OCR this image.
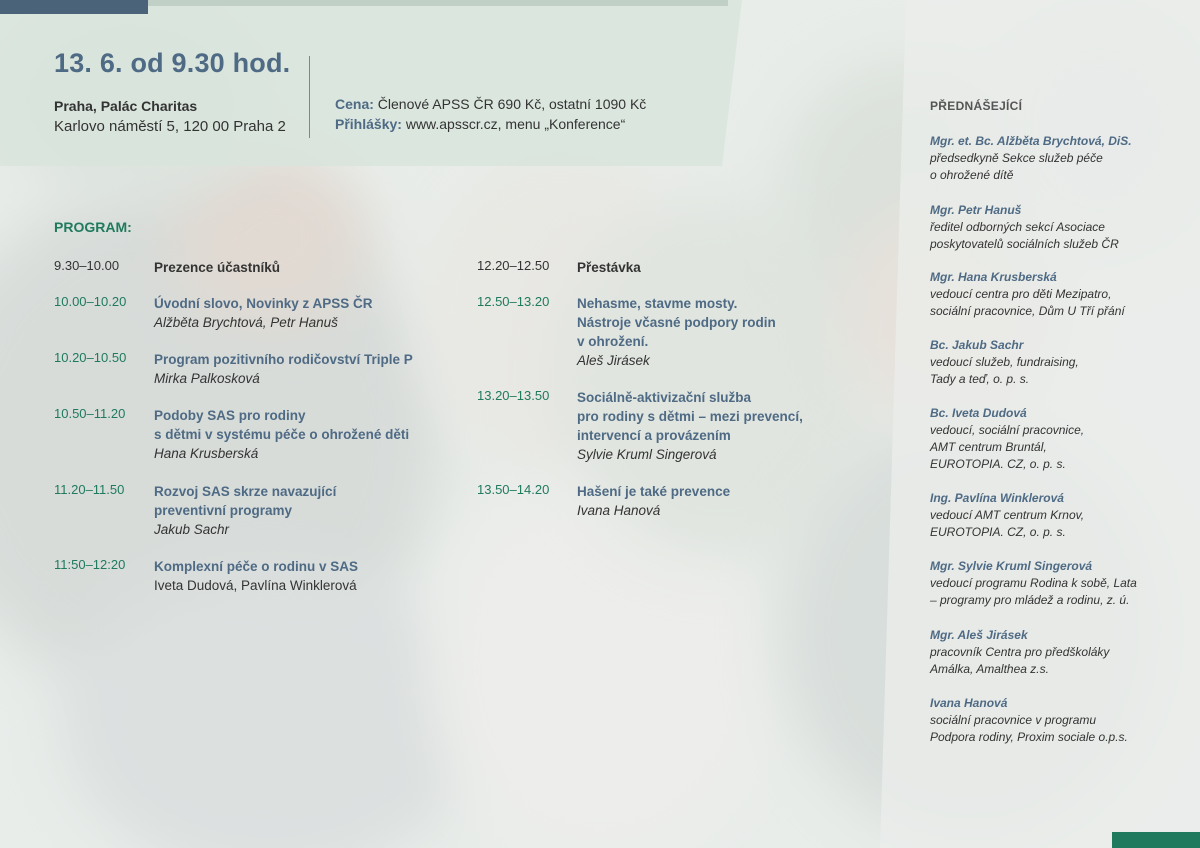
13. 6. od 9.30 hod.
Praha, Palác Charitas
Karlovo náměstí 5, 120 00 Praha 2
Cena: Členové APSS ČR 690 Kč, ostatní 1090 Kč
Přihlášky: www.apsscr.cz, menu „Konference“
PROGRAM:
9.30–10.00	Prezence účastníků
10.00–10.20 Úvodní slovo, Novinky z APSS ČR
Alžběta Brychtová, Petr Hanuš
10.20–10.50 Program pozitivního rodičovství Triple P
Mirka Palkosková
10.50–11.20 Podoby SAS pro rodiny
s dětmi v systému péče o ohrožené děti
Hana Krusberská
11.20–11.50 Rozvoj SAS skrze navazující
preventivní programy
Jakub Sachr
11:50–12:20 Komplexní péče o rodinu v SAS
Iveta Dudová, Pavlína Winklerová
12.20–12.50 Přestávka
12.50–13.20 Nehasme, stavme mosty.
Nástroje včasné podpory rodin
v ohrožení.
Aleš Jirásek
13.20–13.50 Sociálně-aktivizační služba
pro rodiny s dětmi – mezi prevencí,
intervencí a provázením
Sylvie Kruml Singerová
13.50–14.20 Hašení je také prevence
Ivana Hanová
PŘEDNÁŠEJÍCÍ
Mgr. et. Bc. Alžběta Brychtová, DiS.
předsedkyně Sekce služeb péče
o ohrožené dítě
Mgr. Petr Hanuš
ředitel odborných sekcí Asociace
poskytovatelů sociálních služeb ČR
Mgr. Hana Krusberská
vedoucí centra pro děti Mezipatro,
sociální pracovnice, Dům U Tří přání
Bc. Jakub Sachr
vedoucí služeb, fundraising,
Tady a teď, o. p. s.
Bc. Iveta Dudová
vedoucí, sociální pracovnice,
AMT centrum Bruntál,
EUROTOPIA. CZ, o. p. s.
Ing. Pavlína Winklerová
vedoucí AMT centrum Krnov,
EUROTOPIA. CZ, o. p. s.
Mgr. Sylvie Kruml Singerová
vedoucí programu Rodina k sobě, Lata
– programy pro mládež a rodinu, z. ú.
Mgr. Aleš Jirásek
pracovník Centra pro předškoláky
Amálka, Amalthea z.s.
Ivana Hanová
sociální pracovnice v programu
Podpora rodiny, Proxim sociale o.p.s.
